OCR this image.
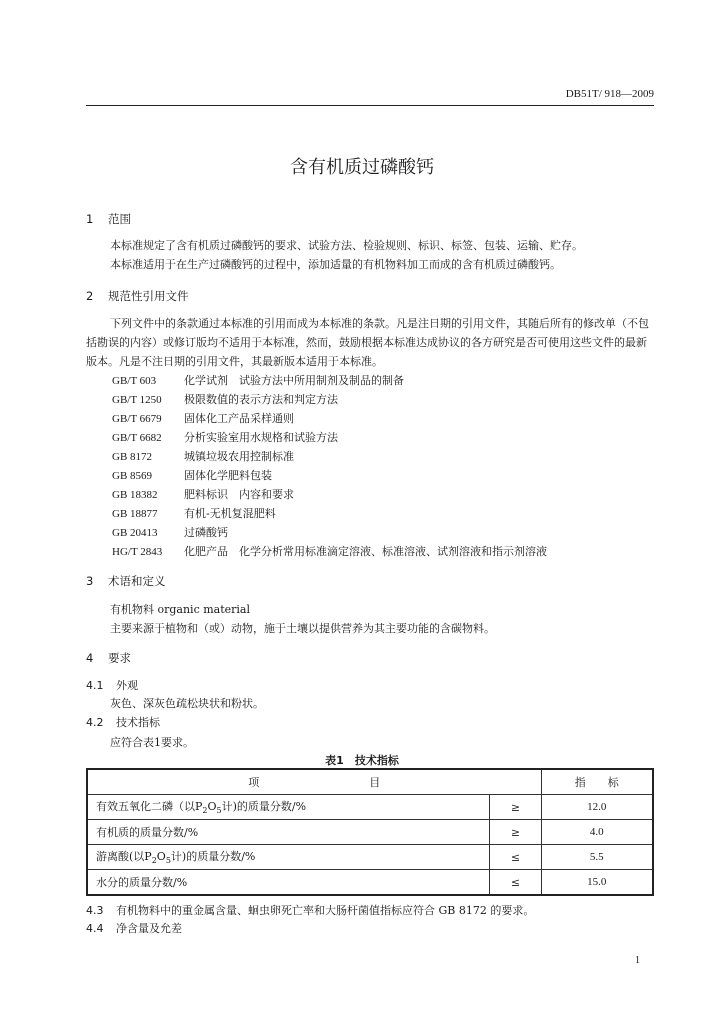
DB51T/ 918—2009
含有机质过磷酸钙
1 范围
本标准规定了含有机质过磷酸钙的要求、试验方法、检验规则、标识、标签、包装、运输、贮存。
本标准适用于在生产过磷酸钙的过程中，添加适量的有机物料加工而成的含有机质过磷酸钙。
2 规范性引用文件
下列文件中的条款通过本标准的引用而成为本标准的条款。凡是注日期的引用文件，其随后所有的修改单（不包括勘误的内容）或修订版均不适用于本标准，然而，鼓励根据本标准达成协议的各方研究是否可使用这些文件的最新版本。凡是不注日期的引用文件，其最新版本适用于本标准。
GB/T 603	化学试剂　试验方法中所用制剂及制品的制备
GB/T 1250 极限数值的表示方法和判定方法
GB/T 6679 固体化工产品采样通则
GB/T 6682 分析实验室用水规格和试验方法
GB 8172	城镇垃圾农用控制标准
GB 8569	固体化学肥料包装
GB 18382 肥料标识　内容和要求
GB 18877 有机-无机复混肥料
GB 20413 过磷酸钙
HG/T 2843 化肥产品　化学分析常用标准滴定溶液、标准溶液、试剂溶液和指示剂溶液
3 术语和定义
有机物料 organic material
主要来源于植物和（或）动物，施于土壤以提供营养为其主要功能的含碳物料。
4 要求
4.1 外观
灰色、深灰色疏松块状和粉状。
4.2 技术指标
应符合表1要求。
表1　技术指标
项　　　　　　　　　　目		指　　标
有效五氧化二磷（以$P_2O_5$计)的质量分数/%	≥	12.0
有机质的质量分数/%	≥	4.0
游离酸(以$P_2O_5$计)的质量分数/%	≤	5.5
水分的质量分数/%	≤	15.0
4.3 有机物料中的重金属含量、蛔虫卵死亡率和大肠杆菌值指标应符合 GB 8172 的要求。
4.4 净含量及允差
1
